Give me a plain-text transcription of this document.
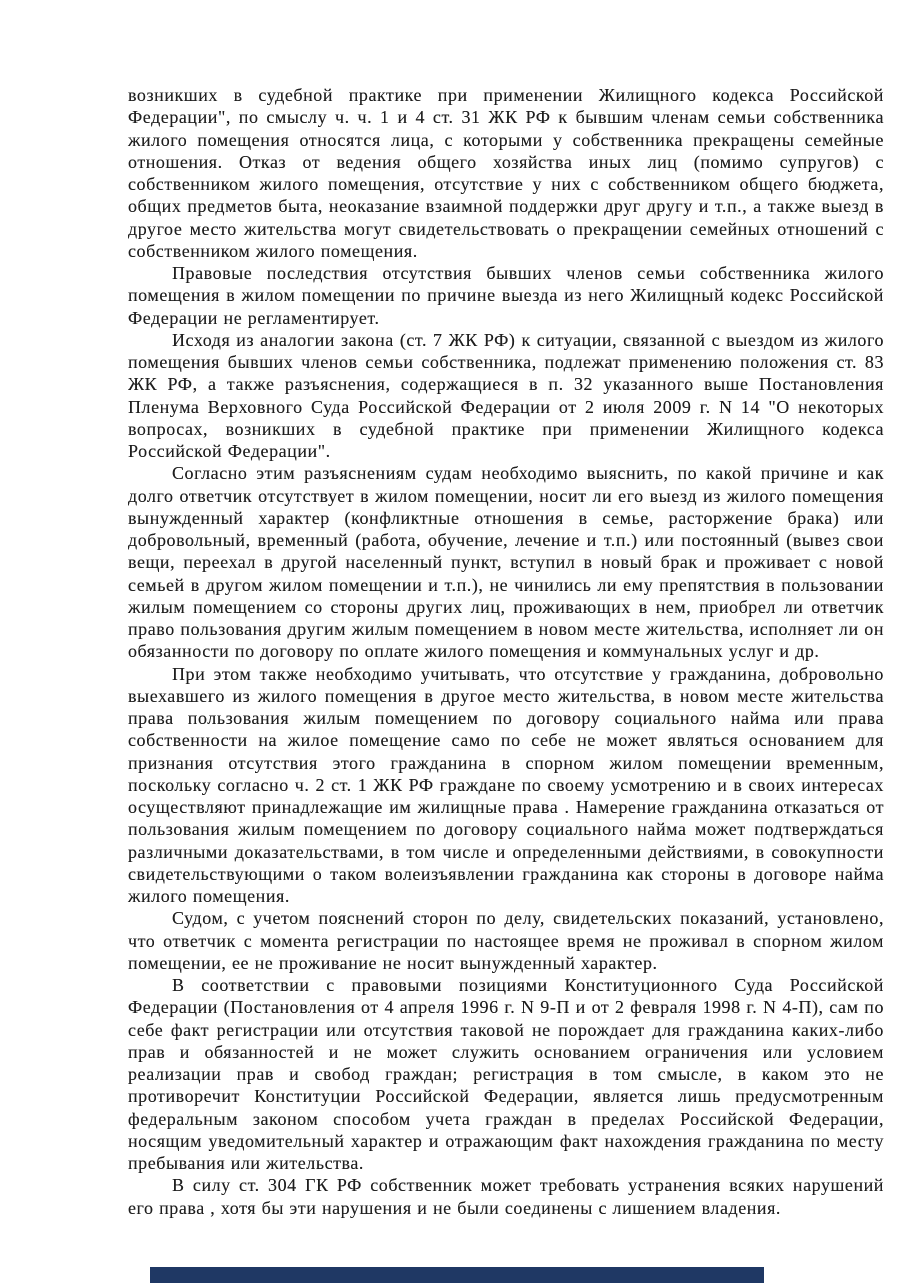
возникших в судебной практике при применении Жилищного кодекса Российской Федерации", по смыслу ч. ч. 1 и 4 ст. 31 ЖК РФ к бывшим членам семьи собственника жилого помещения относятся лица, с которыми у собственника прекращены семейные отношения. Отказ от ведения общего хозяйства иных лиц (помимо супругов) с собственником жилого помещения, отсутствие у них с собственником общего бюджета, общих предметов быта, неоказание взаимной поддержки друг другу и т.п., а также выезд в другое место жительства могут свидетельствовать о прекращении семейных отношений с собственником жилого помещения.

Правовые последствия отсутствия бывших членов семьи собственника жилого помещения в жилом помещении по причине выезда из него Жилищный кодекс Российской Федерации не регламентирует.

Исходя из аналогии закона (ст. 7 ЖК РФ) к ситуации, связанной с выездом из жилого помещения бывших членов семьи собственника, подлежат применению положения ст. 83 ЖК РФ, а также разъяснения, содержащиеся в п. 32 указанного выше Постановления Пленума Верховного Суда Российской Федерации от 2 июля 2009 г. N 14 "О некоторых вопросах, возникших в судебной практике при применении Жилищного кодекса Российской Федерации".

Согласно этим разъяснениям судам необходимо выяснить, по какой причине и как долго ответчик отсутствует в жилом помещении, носит ли его выезд из жилого помещения вынужденный характер (конфликтные отношения в семье, расторжение брака) или добровольный, временный (работа, обучение, лечение и т.п.) или постоянный (вывез свои вещи, переехал в другой населенный пункт, вступил в новый брак и проживает с новой семьей в другом жилом помещении и т.п.), не чинились ли ему препятствия в пользовании жилым помещением со стороны других лиц, проживающих в нем, приобрел ли ответчик право пользования другим жилым помещением в новом месте жительства, исполняет ли он обязанности по договору по оплате жилого помещения и коммунальных услуг и др.

При этом также необходимо учитывать, что отсутствие у гражданина, добровольно выехавшего из жилого помещения в другое место жительства, в новом месте жительства права пользования жилым помещением по договору социального найма или права собственности на жилое помещение само по себе не может являться основанием для признания отсутствия этого гражданина в спорном жилом помещении временным, поскольку согласно ч. 2 ст. 1 ЖК РФ граждане по своему усмотрению и в своих интересах осуществляют принадлежащие им жилищные права . Намерение гражданина отказаться от пользования жилым помещением по договору социального найма может подтверждаться различными доказательствами, в том числе и определенными действиями, в совокупности свидетельствующими о таком волеизъявлении гражданина как стороны в договоре найма жилого помещения.

Судом, с учетом пояснений сторон по делу, свидетельских показаний, установлено, что ответчик с момента регистрации по настоящее время не проживал в спорном жилом помещении, ее не проживание не носит вынужденный характер.

В соответствии с правовыми позициями Конституционного Суда Российской Федерации (Постановления от 4 апреля 1996 г. N 9-П и от 2 февраля 1998 г. N 4-П), сам по себе факт регистрации или отсутствия таковой не порождает для гражданина каких-либо прав и обязанностей и не может служить основанием ограничения или условием реализации прав и свобод граждан; регистрация в том смысле, в каком это не противоречит Конституции Российской Федерации, является лишь предусмотренным федеральным законом способом учета граждан в пределах Российской Федерации, носящим уведомительный характер и отражающим факт нахождения гражданина по месту пребывания или жительства.

В силу ст. 304 ГК РФ собственник может требовать устранения всяких нарушений его права , хотя бы эти нарушения и не были соединены с лишением владения.
